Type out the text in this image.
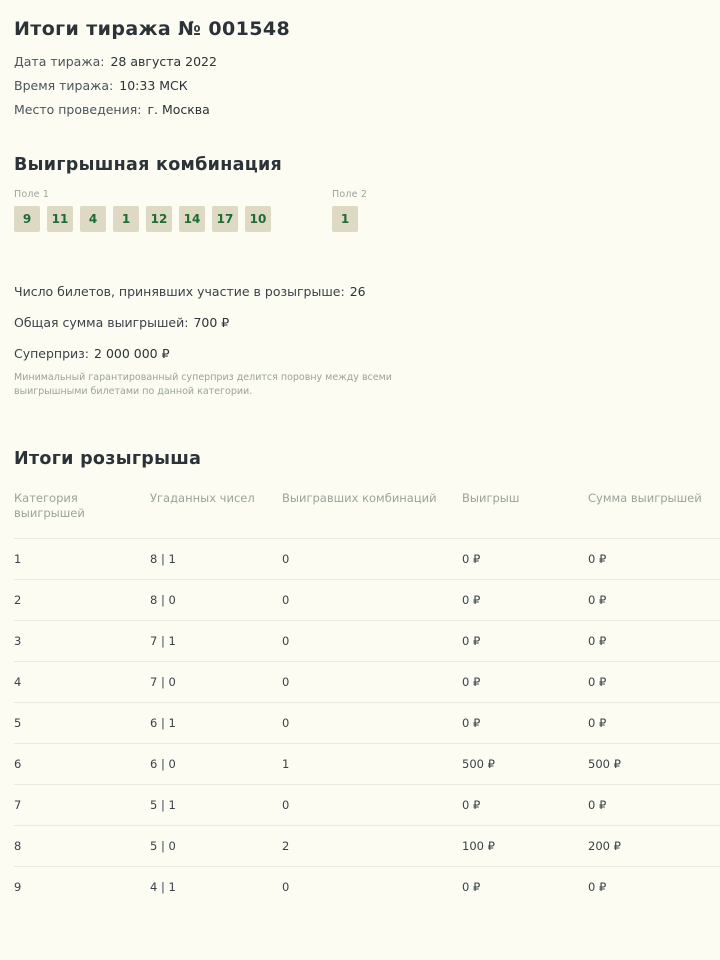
Итоги тиража № 001548
Дата тиража: 28 августа 2022
Время тиража: 10:33 МСК
Место проведения: г. Москва
Выигрышная комбинация
Поле 1
9	11	4	1	12	14	17	10
Поле 2
1
Число билетов, принявших участие в розыгрыше: 26
Общая сумма выигрышей: 700 ₽
Суперприз: 2 000 000 ₽
Минимальный гарантированный суперприз делится поровну между всеми выигрышными билетами по данной категории.
Итоги розыгрыша
Категория выигрышей	Угаданных чисел	Выигравших комбинаций	Выигрыш	Сумма выигрышей
1	8 | 1	0	0 ₽	0 ₽
2	8 | 0	0	0 ₽	0 ₽
3	7 | 1	0	0 ₽	0 ₽
4	7 | 0	0	0 ₽	0 ₽
5	6 | 1	0	0 ₽	0 ₽
6	6 | 0	1	500 ₽	500 ₽
7	5 | 1	0	0 ₽	0 ₽
8	5 | 0	2	100 ₽	200 ₽
9	4 | 1	0	0 ₽	0 ₽
